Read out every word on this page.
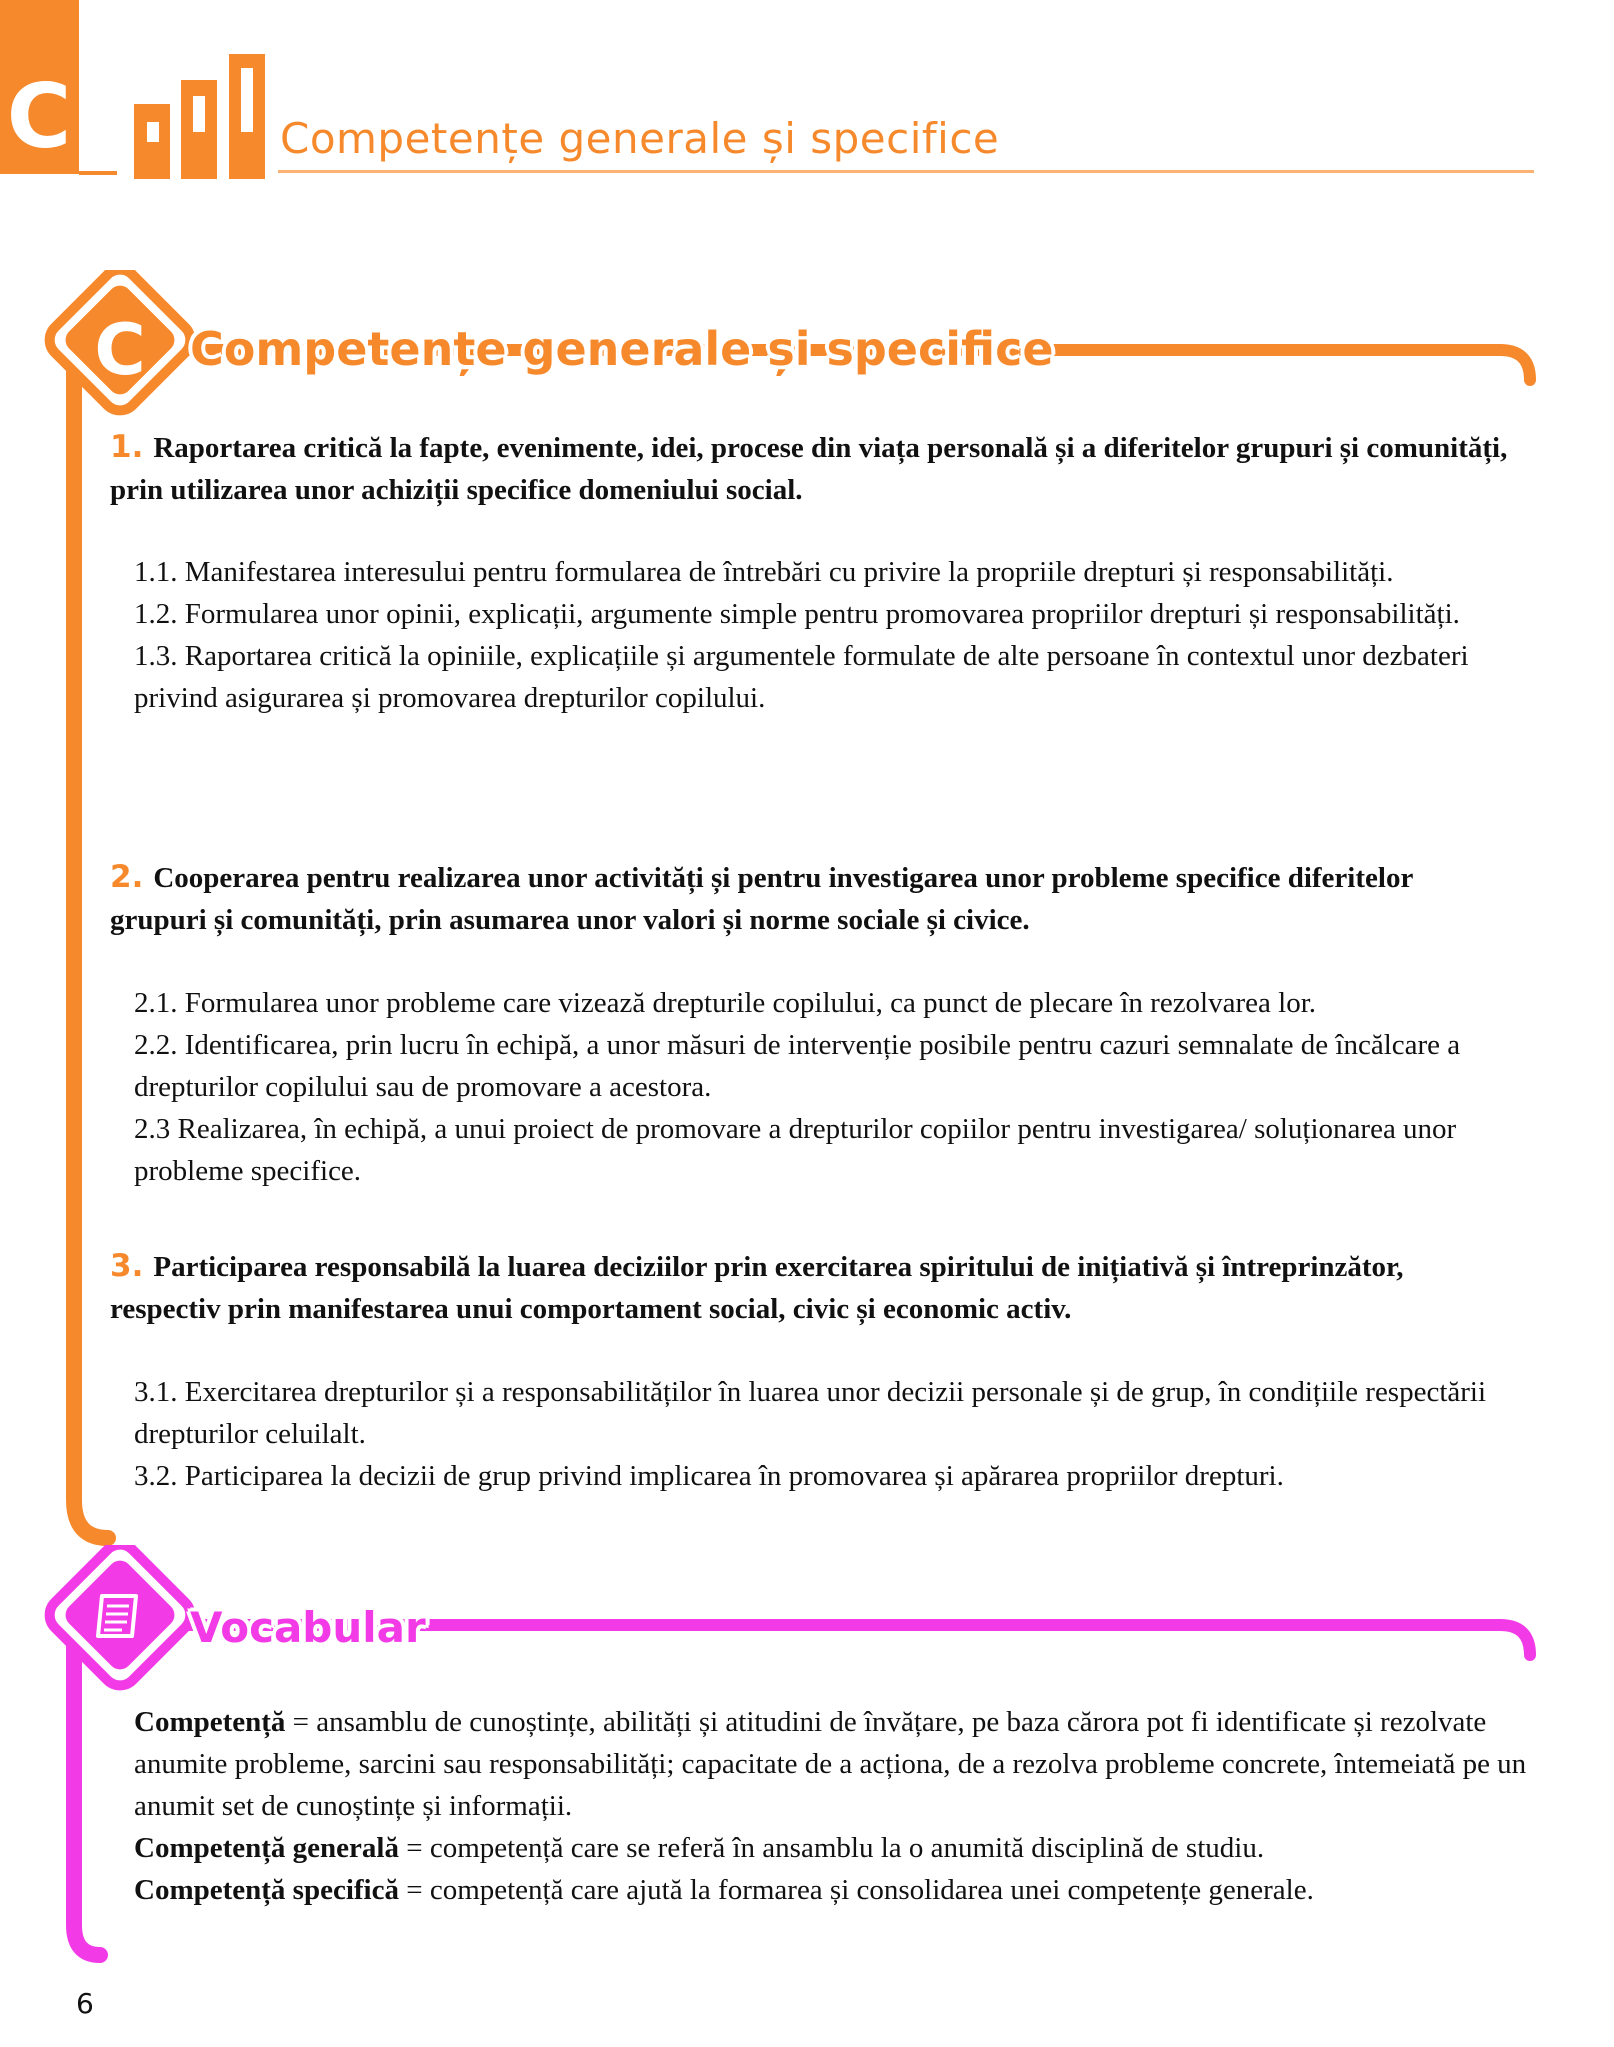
C	Competențe generale și specifice
C Competențe generale și specifice
1. Raportarea critică la fapte, evenimente, idei, procese din viața personală și a diferitelor grupuri și comunități, prin utilizarea unor achiziții specifice domeniului social.

1.1. Manifestarea interesului pentru formularea de întrebări cu privire la propriile drepturi și responsabilități.

1.2. Formularea unor opinii, explicații, argumente simple pentru promovarea propriilor drepturi și responsabilități.

1.3. Raportarea critică la opiniile, explicațiile și argumentele formulate de alte persoane în contextul unor dezbateri privind asigurarea și promovarea drepturilor copilului.

2. Cooperarea pentru realizarea unor activități și pentru investigarea unor probleme specifice diferitelor grupuri și comunități, prin asumarea unor valori și norme sociale și civice.

2.1. Formularea unor probleme care vizează drepturile copilului, ca punct de plecare în rezolvarea lor.

2.2. Identificarea, prin lucru în echipă, a unor măsuri de intervenție posibile pentru cazuri semnalate de încălcare a drepturilor copilului sau de promovare a acestora.

2.3 Realizarea, în echipă, a unui proiect de promovare a drepturilor copiilor pentru investigarea/ soluționarea unor probleme specifice.

3. Participarea responsabilă la luarea deciziilor prin exercitarea spiritului de inițiativă și întreprinzător, respectiv prin manifestarea unui comportament social, civic și economic activ.

3.1. Exercitarea drepturilor și a responsabilităților în luarea unor decizii personale și de grup, în condițiile respectării drepturilor celuilalt.

3.2. Participarea la decizii de grup privind implicarea în promovarea și apărarea propriilor drepturi.

Vocabular

Competență = ansamblu de cunoștințe, abilități și atitudini de învățare, pe baza cărora pot fi identificate și rezolvate anumite probleme, sarcini sau responsabilități; capacitate de a acționa, de a rezolva probleme concrete, întemeiată pe un anumit set de cunoștințe și informații.

Competență generală = competență care se referă în ansamblu la o anumită disciplină de studiu.

Competență specifică = competență care ajută la formarea și consolidarea unei competențe generale.

6
